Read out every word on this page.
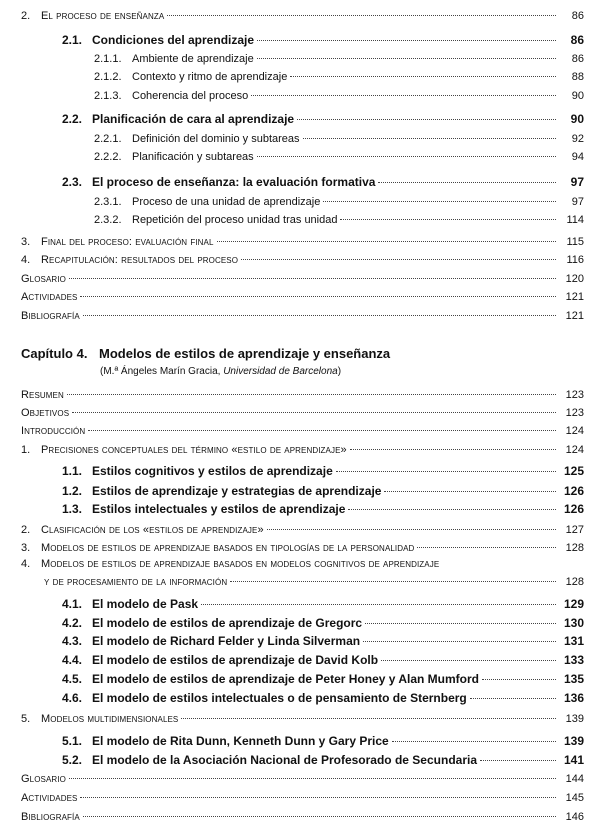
2. El proceso de enseñanza	86
2.1. Condiciones del aprendizaje	86
2.1.1. Ambiente de aprendizaje	86
2.1.2. Contexto y ritmo de aprendizaje	88
2.1.3. Coherencia del proceso	90
2.2. Planificación de cara al aprendizaje	90
2.2.1. Definición del dominio y subtareas	92
2.2.2. Planificación y subtareas	94
2.3. El proceso de enseñanza: la evaluación formativa	97
2.3.1. Proceso de una unidad de aprendizaje	97
2.3.2. Repetición del proceso unidad tras unidad	114
3. Final del proceso: evaluación final	115
4. Recapitulación: resultados del proceso	116
Glosario	120
Actividades	121
Bibliografía	121
Resumen	123
Objetivos	123
Introducción	124
1. Precisiones conceptuales del término «estilo de aprendizaje»	124
1.1. Estilos cognitivos y estilos de aprendizaje	125
1.2. Estilos de aprendizaje y estrategias de aprendizaje	126
1.3. Estilos intelectuales y estilos de aprendizaje	126
2. Clasificación de los «estilos de aprendizaje»	127
3. Modelos de estilos de aprendizaje basados en tipologías de la personalidad	128
4. Modelos de estilos de aprendizaje basados en modelos cognitivos de aprendizaje
y de procesamiento de la información	128
4.1. El modelo de Pask	129
4.2. El modelo de estilos de aprendizaje de Gregorc	130
4.3. El modelo de Richard Felder y Linda Silverman	131
4.4. El modelo de estilos de aprendizaje de David Kolb	133
4.5. El modelo de estilos de aprendizaje de Peter Honey y Alan Mumford	135
4.6. El modelo de estilos intelectuales o de pensamiento de Sternberg	136
5. Modelos multidimensionales	139
5.1. El modelo de Rita Dunn, Kenneth Dunn y Gary Price	139
5.2. El modelo de la Asociación Nacional de Profesorado de Secundaria	141
Glosario	144
Actividades	145
Bibliografía	146
Capítulo 4. Modelos de estilos de aprendizaje y enseñanza
(M.ª Ángeles Marín Gracia, Universidad de Barcelona)
